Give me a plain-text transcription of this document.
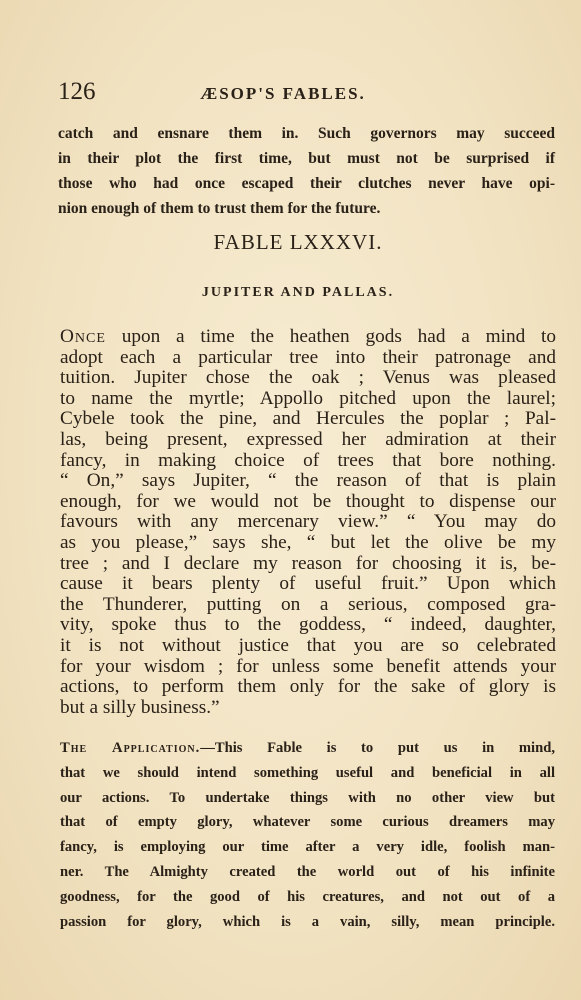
126	ÆSOP'S FABLES.
catch and ensnare them in. Such governors may succeed
in their plot the first time, but must not be surprised if
those who had once escaped their clutches never have opi-
nion enough of them to trust them for the future.
FABLE LXXXVI.
JUPITER AND PALLAS.
Once upon a time the heathen gods had a mind to
adopt each a particular tree into their patronage and
tuition. Jupiter chose the oak ; Venus was pleased
to name the myrtle; Appollo pitched upon the laurel;
Cybele took the pine, and Hercules the poplar ; Pal-
las, being present, expressed her admiration at their
fancy, in making choice of trees that bore nothing.
“ On,” says Jupiter, “ the reason of that is plain
enough, for we would not be thought to dispense our
favours with any mercenary view.” “ You may do
as you please,” says she, “ but let the olive be my
tree ; and I declare my reason for choosing it is, be-
cause it bears plenty of useful fruit.” Upon which
the Thunderer, putting on a serious, composed gra-
vity, spoke thus to the goddess, “ indeed, daughter,
it is not without justice that you are so celebrated
for your wisdom ; for unless some benefit attends your
actions, to perform them only for the sake of glory is
but a silly business.”
The Application.—This Fable is to put us in mind,
that we should intend something useful and beneficial in all
our actions. To undertake things with no other view but
that of empty glory, whatever some curious dreamers may
fancy, is employing our time after a very idle, foolish man-
ner. The Almighty created the world out of his infinite
goodness, for the good of his creatures, and not out of a
passion for glory, which is a vain, silly, mean principle.
